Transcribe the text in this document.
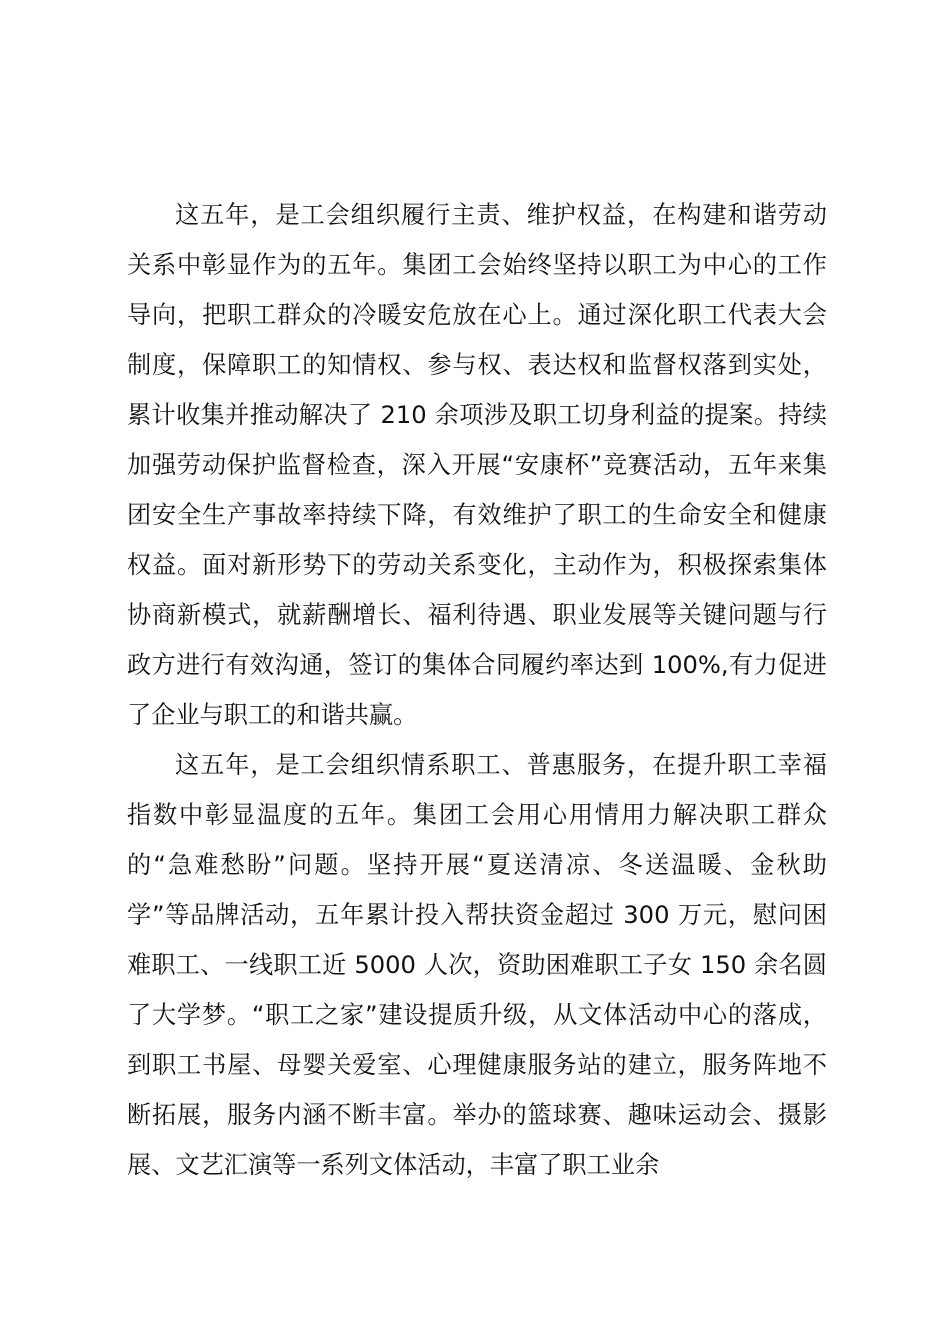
这五年，是工会组织履行主责、维护权益，在构建和谐劳动关系中彰显作为的五年。集团工会始终坚持以职工为中心的工作导向，把职工群众的冷暖安危放在心上。通过深化职工代表大会制度，保障职工的知情权、参与权、表达权和监督权落到实处，累计收集并推动解决了 210 余项涉及职工切身利益的提案。持续加强劳动保护监督检查，深入开展“安康杯”竞赛活动，五年来集团安全生产事故率持续下降，有效维护了职工的生命安全和健康权益。面对新形势下的劳动关系变化，主动作为，积极探索集体协商新模式，就薪酬增长、福利待遇、职业发展等关键问题与行政方进行有效沟通，签订的集体合同履约率达到 100%,有力促进了企业与职工的和谐共赢。

这五年，是工会组织情系职工、普惠服务，在提升职工幸福指数中彰显温度的五年。集团工会用心用情用力解决职工群众的“急难愁盼”问题。坚持开展“夏送清凉、冬送温暖、金秋助学”等品牌活动，五年累计投入帮扶资金超过 300 万元，慰问困难职工、一线职工近 5000 人次，资助困难职工子女 150 余名圆了大学梦。“职工之家”建设提质升级，从文体活动中心的落成，到职工书屋、母婴关爱室、心理健康服务站的建立，服务阵地不断拓展，服务内涵不断丰富。举办的篮球赛、趣味运动会、摄影展、文艺汇演等一系列文体活动，丰富了职工业余
